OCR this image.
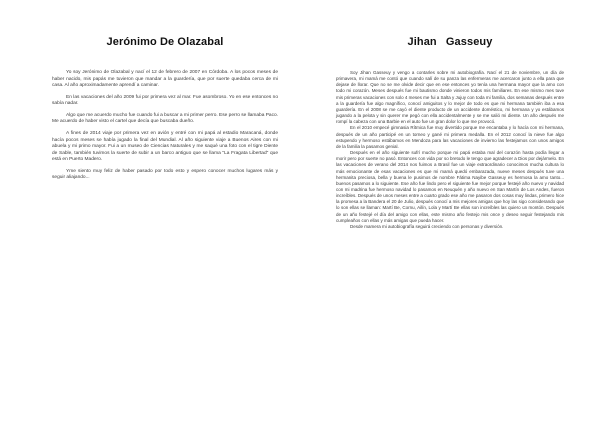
Jerónimo De Olazabal

Yo soy Jerónimo de Olazabal y nací el 12 de febrero de 2007 en Córdoba. A los pocos meses de haber nacido, mis papás me tuvieron que mandar a la guardería, que por suerte quedaba cerca de mi casa. Al año aproximadamente aprendí a caminar.

En las vacaciones del año 2009 fui por primera vez al mar. Fue asombroso. Yo en ese entonces no sabía nadar.

Algo que me acuerdo mucho fue cuando fui a buscar a mi primer perro. Ese perro se llamaba Paco. Me acuerdo de haber visto el cartel que decía que buscaba dueño.

A fines de 2014 viaje por primera vez en avión y entré con mi papá al estadio Maracaná, donde hacía pocos meses se había jugado la final del Mundial. Al año siguiente viaje a Buenos Aires con mi abuela y mi primo mayor. Fui a un museo de Ciencias Naturales y me saqué una foto con el tigre Diente de Sable, también tuvimos la suerte de subir a un barco antiguo que se llama "La Fragata Libertad" que está en Puerto Madero.

Yme siento muy feliz de haber pasado por todo esto y espero conocer muchos lugares más y seguir aliajando...

Jihan Gasseuy

Soy Jihan Gasseuy y vengo a contarles sobre mi autobiografía. Nací el 21 de noviembre, un día de primavera, mi mamá me contó que cuando salí de su panza las enfermeras me acercaron junto a ella para que dejase de llorar. Que no se me olvide decir que en ese entonces yo tenía una hermana mayor que la amo con todo mi corazón. Meses después fue mi bautismo donde vinieron todos mis familiares. En ese mismo mes tuve mis primeras vacaciones con solo 4 meses me fui a Salta y Jujuy con toda mi familia, dos semanas después entre a la guardería fue algo magnífico, conocí amiguitos y lo mejor de todo es que mi hermana también iba a esa guardería. En el 2008 se me cayó el diente producto de un accidente doméstico, mi hermana y yo estábamos jugando a la pelota y sin querer me pegó con ella accidentalmente y se me salió mi diente. Un año después me rompí la cabeza con una Barbie en el auto fue un gran dolor lo que me provocó.

En el 2010 empecé gimnasia Rítmica fue muy divertido porque me encantaba y lo hacía con mi hermana, después de un año participé en un torneo y gané mi primera medalla. En el 2012 conocí la nieve fue algo estupendo y hermoso estábamos en Mendoza para las vacaciones de invierno las festejamos con unos amigos de la familia la pasamos genial.

Después en el año siguiente sufrí mucho porque mi papá estaba mal del corazón hasta podía llegar a morir pero por suerte no pasó. Entonces con vida por so bretodo le tengo que agradecer a Dios por dejármelo. En las vacaciones de verano del 2014 nos fuimos a Brasil fue un viaje extraordinario conocimos mucha cultura lo más emocionante de esas vacaciones es que mi mamá quedó embarazada, nueve meses después tuve una hermanita preciosa, bella y buena le pusimos de nombre Fátima Nayibe Gasseuy es hermosa la amo tanto... buenos pasamos a lo siguiente. Ese año fue lindo pero el siguiente fue mejor porque festejé año nuevo y navidad con mi madrina fue hermoso navidad lo pasamos en Neuquén y año nuevo en San Martín de Los Andes, fueron increíbles. Después de unos meses entre a cuarto grado ese año me pasaron dos cosas muy lindas, primero hice la promesa a la Bandera el 20 de Julio, después conocí a mis mejores amigas que hoy las sigo considerando que lo son ellas se llaman: Martí Be, Cornu, Ailín, Lola y Martí Be ellas son increíbles las quiero un montón. Después de un año festejé el día del amigo con ellas, este mismo año festejo mis once y deseo seguir festejando mis cumpleaños con ellas y más amigas que pueda hacer.

Desde mamera mi autobiografía seguirá creciendo con personas y diversión.
